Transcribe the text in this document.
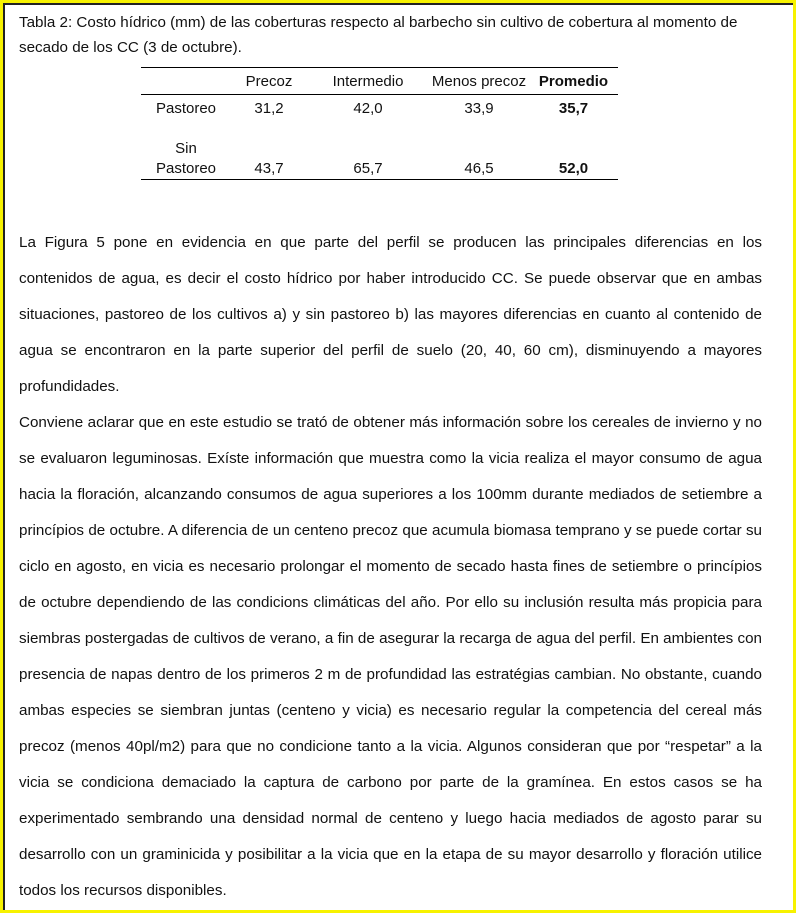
Tabla 2: Costo hídrico (mm) de las coberturas respecto al barbecho sin cultivo de cobertura al momento de secado de los CC (3 de octubre).

	Precoz	Intermedio	Menos precoz	Promedio
Pastoreo	31,2	42,0	33,9	35,7

Sin
Pastoreo	43,7	65,7	46,5	52,0

La Figura 5 pone en evidencia en que parte del perfil se producen las principales diferencias en los contenidos de agua, es decir el costo hídrico por haber introducido CC. Se puede observar que en ambas situaciones, pastoreo de los cultivos a) y sin pastoreo b) las mayores diferencias en cuanto al contenido de agua se encontraron en la parte superior del perfil de suelo (20, 40, 60 cm), disminuyendo a mayores profundidades.

Conviene aclarar que en este estudio se trató de obtener más información sobre los cereales de invierno y no se evaluaron leguminosas. Exíste información que muestra como la vicia realiza el mayor consumo de agua hacia la floración, alcanzando consumos de agua superiores a los 100mm durante mediados de setiembre a princípios de octubre. A diferencia de un centeno precoz que acumula biomasa temprano y se puede cortar su ciclo en agosto, en vicia es necesario prolongar el momento de secado hasta fines de setiembre o princípios de octubre dependiendo de las condicions climáticas del año. Por ello su inclusión resulta más propicia para siembras postergadas de cultivos de verano, a fin de asegurar la recarga de agua del perfil. En ambientes con presencia de napas dentro de los primeros 2 m de profundidad las estratégias cambian. No obstante, cuando ambas especies se siembran juntas (centeno y vicia) es necesario regular la competencia del cereal más precoz (menos 40pl/m2) para que no condicione tanto a la vicia. Algunos consideran que por “respetar” a la vicia se condiciona demaciado la captura de carbono por parte de la gramínea. En estos casos se ha experimentado sembrando una densidad normal de centeno y luego hacia mediados de agosto parar su desarrollo con un graminicida y posibilitar a la vicia que en la etapa de su mayor desarrollo y floración utilice todos los recursos disponibles.
